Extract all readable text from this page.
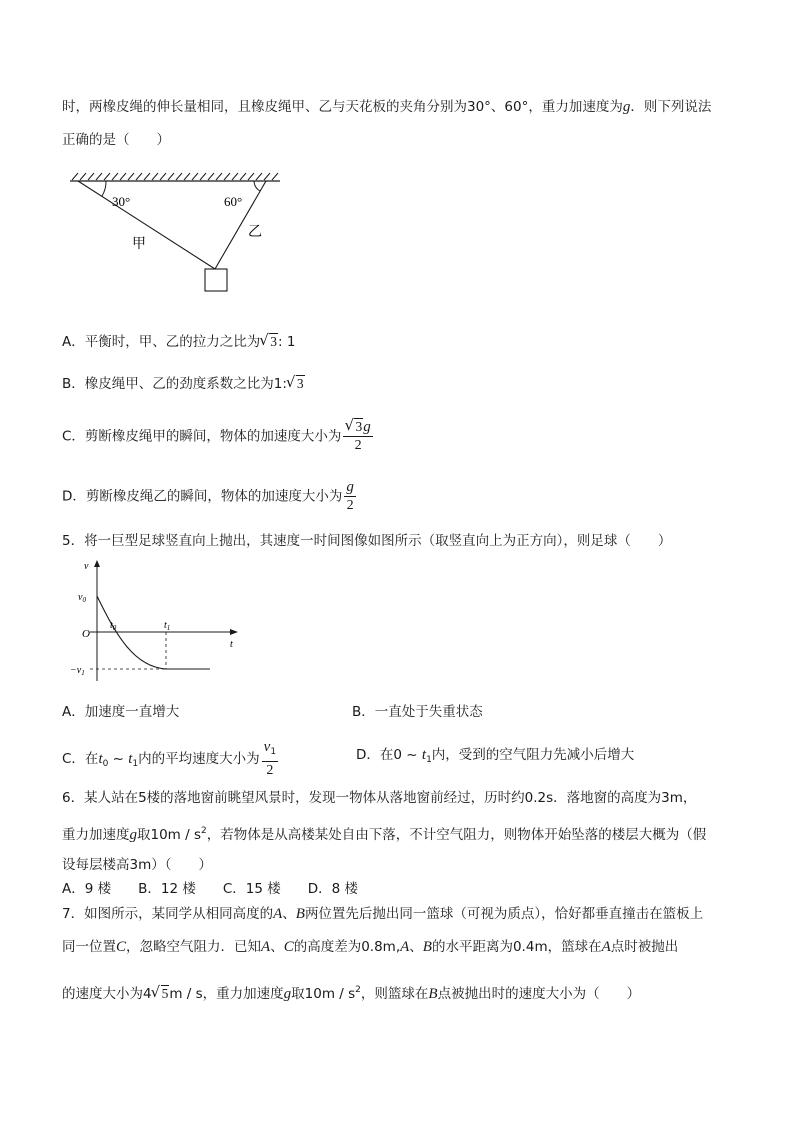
时，两橡皮绳的伸长量相同，且橡皮绳甲、乙与天花板的夹角分别为30°、60°，重力加速度为g．则下列说法
正确的是（　　）
30°	60°
甲
乙
A．平衡时，甲、乙的拉力之比为 √ 3: 1
B．橡皮绳甲、乙的劲度系数之比为1: √ 3
C．剪断橡皮绳甲的瞬间，物体的加速度大小为 √ $\frac{3g}{2}$
D．剪断橡皮绳乙的瞬间，物体的加速度大小为 $\frac{g}{2}$
5．将一巨型足球竖直向上抛出，其速度一时间图像如图所示（取竖直向上为正方向），则足球（　　）
v
$v_0$
O
$t_0$	$t_1$
t
$-v_1$
A．加速度一直增大	B．一直处于失重状态
C．在$t_0$ ~ $t_1$内的平均速度大小为 $\frac{v_1}{2}$	D．在0 ~ $t_1$内，受到的空气阻力先减小后增大
6．某人站在5楼的落地窗前眺望风景时，发现一物体从落地窗前经过，历时约0.2s．落地窗的高度为3m，
重力加速度g取$10m / s^2$，若物体是从高楼某处自由下落，不计空气阻力，则物体开始坠落的楼层大概为（假
设每层楼高3m）（　　）
A．9 楼　　B．12 楼　　C．15 楼　　D．8 楼
7．如图所示，某同学从相同高度的A、B两位置先后抛出同一篮球（可视为质点），恰好都垂直撞击在篮板上
同一位置C，忽略空气阻力．已知A、C的高度差为0.8m,A、B的水平距离为0.4m，篮球在A点时被抛出
的速度大小为4 √ 5m / s，重力加速度g取$10m / s^2$，则篮球在B点被抛出时的速度大小为（　　）
